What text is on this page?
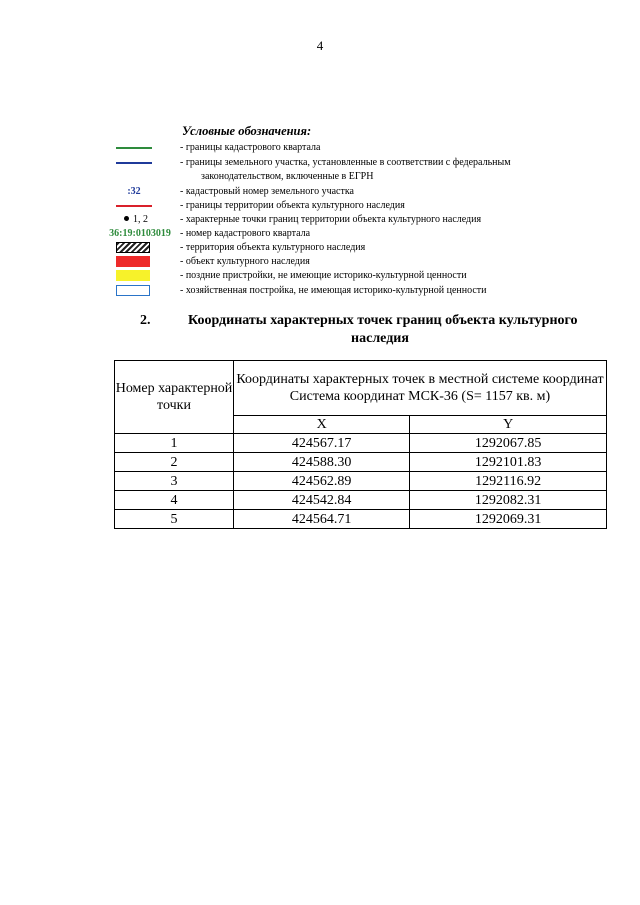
4
Условные обозначения:
- границы кадастрового квартала
- границы земельного участка, установленные в соответствии с федеральным
законодательством, включенные в ЕГРН
:32	- кадастровый номер земельного участка
- границы территории объекта культурного наследия
1, 2	- характерные точки границ территории объекта культурного наследия
36:19:0103019 - номер кадастрового квартала
- территория объекта культурного наследия
- объект культурного наследия
- поздние пристройки, не имеющие историко-культурной ценности
- хозяйственная постройка, не имеющая историко-культурной ценности
2.	Координаты характерных точек границ объекта культурного
наследия
Номер характерной точки	Координаты характерных точек в местной системе координат
Система координат МСК-36 (S= 1157 кв. м)	

	X	Y
1	424567.17	1292067.85
2	424588.30	1292101.83
3	424562.89	1292116.92
4	424542.84	1292082.31
5	424564.71	1292069.31
